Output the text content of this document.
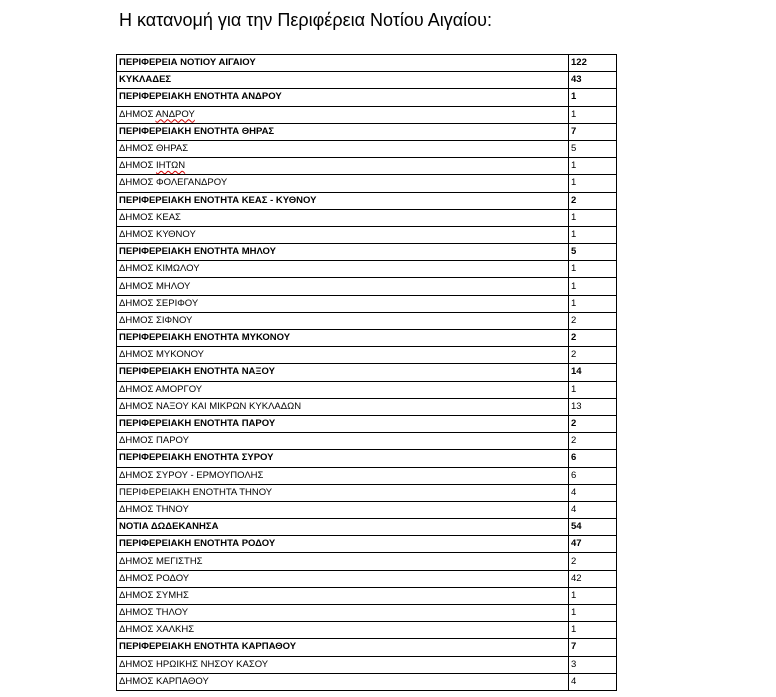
Η κατανομή για την Περιφέρεια Νοτίου Αιγαίου:
ΠΕΡΙΦΕΡΕΙΑ ΝΟΤΙΟΥ ΑΙΓΑΙΟΥ	122
ΚΥΚΛΑΔΕΣ	43
ΠΕΡΙΦΕΡΕΙΑΚΗ ΕΝΟΤΗΤΑ ΑΝΔΡΟΥ	1
ΔΗΜΟΣ ΑΝΔΡΟΥ	1
ΠΕΡΙΦΕΡΕΙΑΚΗ ΕΝΟΤΗΤΑ ΘΗΡΑΣ	7
ΔΗΜΟΣ ΘΗΡΑΣ	5
ΔΗΜΟΣ ΙΗΤΩΝ	1
ΔΗΜΟΣ ΦΟΛΕΓΑΝΔΡΟΥ	1
ΠΕΡΙΦΕΡΕΙΑΚΗ ΕΝΟΤΗΤΑ ΚΕΑΣ - ΚΥΘΝΟΥ	2
ΔΗΜΟΣ ΚΕΑΣ	1
ΔΗΜΟΣ ΚΥΘΝΟΥ	1
ΠΕΡΙΦΕΡΕΙΑΚΗ ΕΝΟΤΗΤΑ ΜΗΛΟΥ	5
ΔΗΜΟΣ ΚΙΜΩΛΟΥ	1
ΔΗΜΟΣ ΜΗΛΟΥ	1
ΔΗΜΟΣ ΣΕΡΙΦΟΥ	1
ΔΗΜΟΣ ΣΙΦΝΟΥ	2
ΠΕΡΙΦΕΡΕΙΑΚΗ ΕΝΟΤΗΤΑ ΜΥΚΟΝΟΥ	2
ΔΗΜΟΣ ΜΥΚΟΝΟΥ	2
ΠΕΡΙΦΕΡΕΙΑΚΗ ΕΝΟΤΗΤΑ ΝΑΞΟΥ	14
ΔΗΜΟΣ ΑΜΟΡΓΟΥ	1
ΔΗΜΟΣ ΝΑΞΟΥ ΚΑΙ ΜΙΚΡΩΝ ΚΥΚΛΑΔΩΝ	13
ΠΕΡΙΦΕΡΕΙΑΚΗ ΕΝΟΤΗΤΑ ΠΑΡΟΥ	2
ΔΗΜΟΣ ΠΑΡΟΥ	2
ΠΕΡΙΦΕΡΕΙΑΚΗ ΕΝΟΤΗΤΑ ΣΥΡΟΥ	6
ΔΗΜΟΣ ΣΥΡΟΥ - ΕΡΜΟΥΠΟΛΗΣ	6
ΠΕΡΙΦΕΡΕΙΑΚΗ ΕΝΟΤΗΤΑ ΤΗΝΟΥ	4
ΔΗΜΟΣ ΤΗΝΟΥ	4
ΝΟΤΙΑ ΔΩΔΕΚΑΝΗΣΑ	54
ΠΕΡΙΦΕΡΕΙΑΚΗ ΕΝΟΤΗΤΑ ΡΟΔΟΥ	47
ΔΗΜΟΣ ΜΕΓΙΣΤΗΣ	2
ΔΗΜΟΣ ΡΟΔΟΥ	42
ΔΗΜΟΣ ΣΥΜΗΣ	1
ΔΗΜΟΣ ΤΗΛΟΥ	1
ΔΗΜΟΣ ΧΑΛΚΗΣ	1
ΠΕΡΙΦΕΡΕΙΑΚΗ ΕΝΟΤΗΤΑ ΚΑΡΠΑΘΟΥ	7
ΔΗΜΟΣ ΗΡΩΙΚΗΣ ΝΗΣΟΥ ΚΑΣΟΥ	3
ΔΗΜΟΣ ΚΑΡΠΑΘΟΥ	4
